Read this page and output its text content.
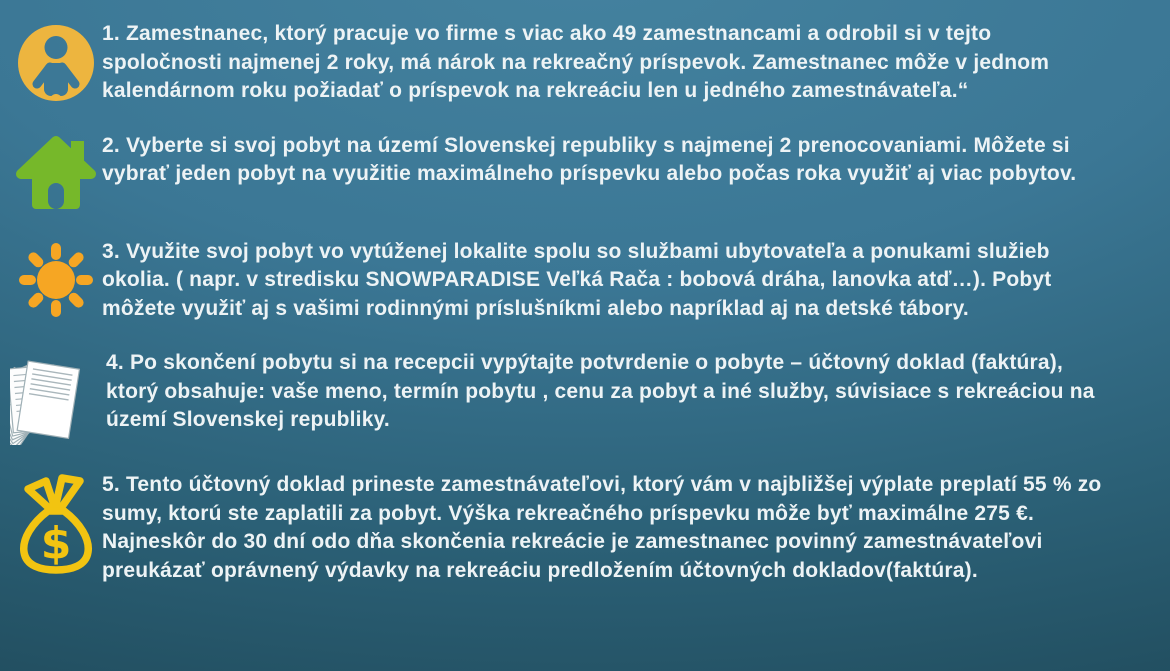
1. Zamestnanec, ktorý pracuje vo firme s viac ako 49 zamestnancami a odrobil si v tejto spoločnosti najmenej 2 roky, má nárok na rekreačný príspevok. Zamestnanec môže v jednom kalendárnom roku požiadať o príspevok na rekreáciu len u jedného zamestnávateľa.“

2. Vyberte si svoj pobyt na území Slovenskej republiky s najmenej 2 prenocovaniami. Môžete si vybrať jeden pobyt na využitie maximálneho príspevku alebo počas roka využiť aj viac pobytov.

3. Využite svoj pobyt vo vytúženej lokalite spolu so službami ubytovateľa a ponukami služieb okolia. ( napr. v stredisku SNOWPARADISE Veľká Rača : bobová dráha, lanovka atď…). Pobyt môžete využiť aj s vašimi rodinnými príslušníkmi alebo napríklad aj na detské tábory.

4. Po skončení pobytu si na recepcii vypýtajte potvrdenie o pobyte – účtovný doklad (faktúra), ktorý obsahuje: vaše meno, termín pobytu , cenu za pobyt a iné služby, súvisiace s rekreáciou na území Slovenskej republiky.

$

5. Tento účtovný doklad prineste zamestnávateľovi, ktorý vám v najbližšej výplate preplatí 55 % zo sumy, ktorú ste zaplatili za pobyt. Výška rekreačného príspevku môže byť maximálne 275 €. Najneskôr do 30 dní odo dňa skončenia rekreácie je zamestnanec povinný zamestnávateľovi preukázať oprávnený výdavky na rekreáciu predložením účtovných dokladov(faktúra).
